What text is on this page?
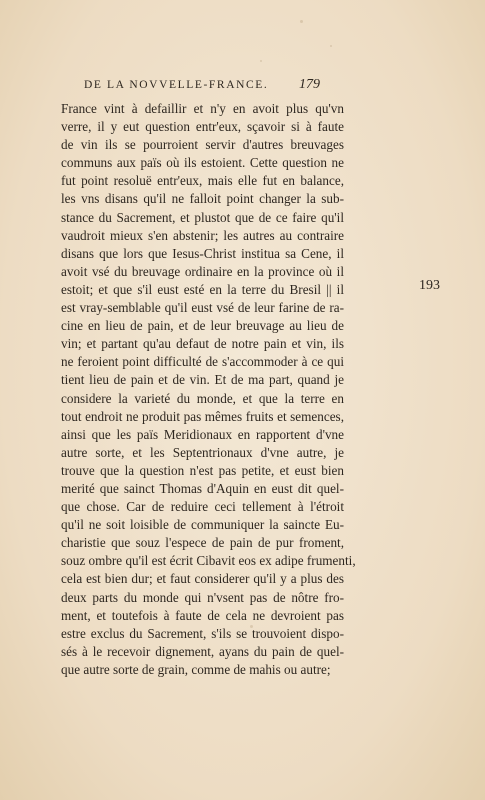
DE LA NOVVELLE-FRANCE.	179
193
France vint à defaillir et n'y en avoit plus qu'vn
verre, il y eut question entr'eux, sçavoir si à faute
de vin ils se pourroient servir d'autres breuvages
communs aux païs où ils estoient. Cette question ne
fut point resoluë entr'eux, mais elle fut en balance,
les vns disans qu'il ne falloit point changer la sub-
stance du Sacrement, et plustot que de ce faire qu'il
vaudroit mieux s'en abstenir; les autres au contraire
disans que lors que Iesus-Christ institua sa Cene, il
avoit vsé du breuvage ordinaire en la province où il
estoit; et que s'il eust esté en la terre du Bresil || il
est vray-semblable qu'il eust vsé de leur farine de ra-
cine en lieu de pain, et de leur breuvage au lieu de
vin; et partant qu'au defaut de notre pain et vin, ils
ne feroient point difficulté de s'accommoder à ce qui
tient lieu de pain et de vin. Et de ma part, quand je
considere la varieté du monde, et que la terre en
tout endroit ne produit pas mêmes fruits et semences,
ainsi que les païs Meridionaux en rapportent d'vne
autre sorte, et les Septentrionaux d'vne autre, je
trouve que la question n'est pas petite, et eust bien
merité que sainct Thomas d'Aquin en eust dit quel-
que chose. Car de reduire ceci tellement à l'étroit
qu'il ne soit loisible de communiquer la saincte Eu-
charistie que souz l'espece de pain de pur froment,
souz ombre qu'il est écrit Cibavit eos ex adipe frumenti,
cela est bien dur; et faut considerer qu'il y a plus des
deux parts du monde qui n'vsent pas de nôtre fro-
ment, et toutefois à faute de cela ne devroient pas
estre exclus du Sacrement, s'ils se trouvoient dispo-
sés à le recevoir dignement, ayans du pain de quel-
que autre sorte de grain, comme de mahis ou autre;
